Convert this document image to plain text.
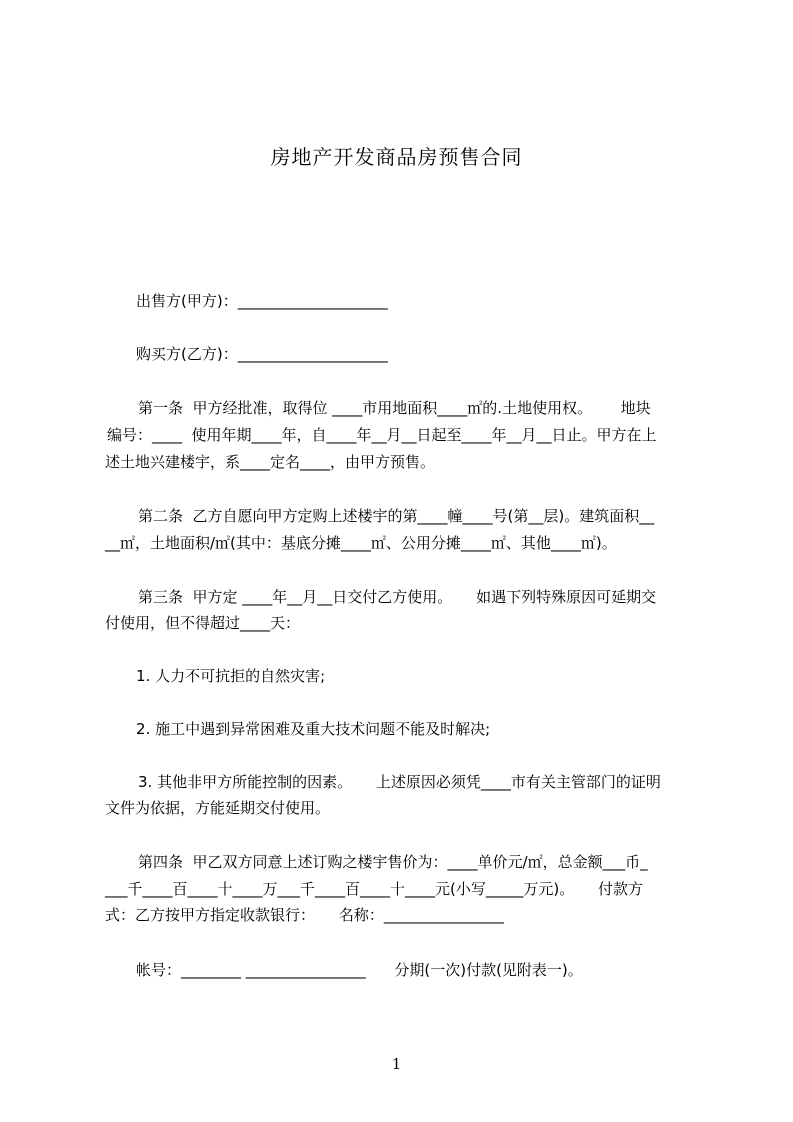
房地产开发商品房预售合同
出售方(甲方)：____________________
购买方(乙方)：____________________
第一条  甲方经批准，取得位 ____市用地面积____㎡的.土地使用权。      地块
编号：____  使用年期____年，自____年__月__日起至____年__月__日止。甲方在上
述土地兴建楼宇，系____定名____，由甲方预售。
第二条  乙方自愿向甲方定购上述楼宇的第____幢____号(第__层)。建筑面积__
__㎡，土地面积/㎡(其中：基底分摊____㎡、公用分摊____㎡、其他____㎡)。
第三条  甲方定 ____年__月__日交付乙方使用。     如遇下列特殊原因可延期交
付使用，但不得超过____天：
1. 人力不可抗拒的自然灾害;
2. 施工中遇到异常困难及重大技术问题不能及时解决;
3. 其他非甲方所能控制的因素。     上述原因必须凭____市有关主管部门的证明
文件为依据，方能延期交付使用。
第四条  甲乙双方同意上述订购之楼宇售价为：____单价元/㎡，总金额___币_
___千____百____十____万___千____百____十____元(小写_____万元)。     付款方
式：乙方按甲方指定收款银行：     名称：________________
帐号：________ ________________      分期(一次)付款(见附表一)。
1
